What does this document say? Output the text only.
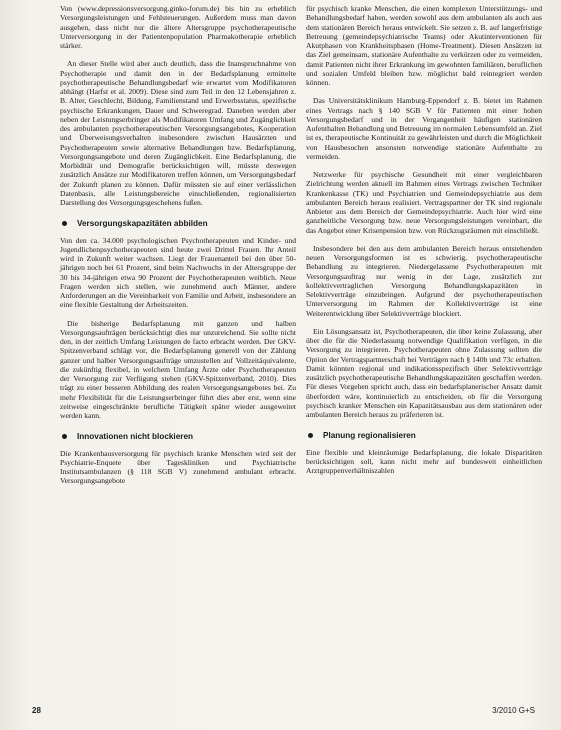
Von (www.depressionsversorgung.ginko-forum.de) bis hin zu erheblich Versorgungsleistungen und Fehlsteuerungen. Außerdem muss man davon ausgehen, dass nicht nur die ältere Altersgruppe psychotherapeutische Unterversorgung in der Patientenpopulation Pharmakotherapie erheblich stärker.

An dieser Stelle wird aber auch deutlich, dass die Inanspruchnahme von Psychotherapie und damit den in der Bedarfsplanung ermittelte psychotherapeutische Behandlungsbedarf wie erwartet vom Modifikatoren abhängt (Harfst et al. 2009). Diese sind zum Teil in den 12 Lebensjahren z. B. Alter, Geschlecht, Bildung, Familienstand und Erwerbsstatus, spezifische psychische Erkrankungen, Dauer und Schweregrad. Daneben werden aber neben der Leistungserbringer als Modifikatoren Umfang und Zugänglichkeit des ambulanten psychotherapeutischen Versorgungsangebotes, Kooperation und Überweisungsverhalten insbesondere zwischen Hausärzten und Psychotherapeuten sowie alternative Behandlungen bzw. Bedarfsplanung, Versorgungsangebote und deren Zugänglichkeit. Eine Bedarfsplanung, die Morbidität und Demografie berücksichtigen will, müsste deswegen zusätzlich Ansätze zur Modifikatoren treffen können, um Versorgungsbedarf der Zukunft planen zu können. Dafür müssten sie auf einer verlässlichen Datenbasis, alle Leistungsbereiche einschließenden, regionalisierten Darstellung des Versorgungsgeschehens fußen.

Versorgungskapazitäten abbilden

Von den ca. 34.000 psychologischen Psychotherapeuten und Kinder- und Jugendlichenpsychotherapeuten sind heute zwei Drittel Frauen. Ihr Anteil wird in Zukunft weiter wachsen. Liegt der Frauenanteil bei den über 50-jährigen noch bei 61 Prozent, sind beim Nachwuchs in der Altersgruppe der 30 bis 34-jährigen etwa 90 Prozent der Psychotherapeuten weiblich. Neue Fragen werden sich stellen, wie zunehmend auch Männer, andere Anforderungen an die Vereinbarkeit von Familie und Arbeit, insbesondere an eine flexible Gestaltung der Arbeitszeiten.

Die bisherige Bedarfsplanung mit ganzen und halben Versorgungsaufträgen berücksichtigt dies nur unzureichend. Sie sollte nicht den, in der zeitlich Umfang Leistungen de facto erbracht werden. Der GKV-Spitzenverband schlägt vor, die Bedarfsplanung generell von der Zählung ganzer und halber Versorgungsaufträge umzustellen auf Vollzeitäquivalente, die zukünftig flexibel, in welchem Umfang Ärzte oder Psychotherapeuten der Versorgung zur Verfügung stehen (GKV-Spitzenverband, 2010). Dies trägt zu einer besseren Abbildung des realen Versorgungsangebotes bei. Zu mehr Flexibilität für die Leistungserbringer führt dies aber erst, wenn eine zeitweise eingeschränkte berufliche Tätigkeit später wieder ausgeweitet werden kann.

Innovationen nicht blockieren

Die Krankenhausversorgung für psychisch kranke Menschen wird seit der Psychiatrie-Enquete über Tageskliniken und Psychiatrische Institutsambulanzen (§ 118 SGB V) zunehmend ambulant erbracht. Versorgungsangebote

für psychisch kranke Menschen, die einen komplexen Unterstützungs- und Behandlungsbedarf haben, werden sowohl aus dem ambulanten als auch aus dem stationären Bereich heraus entwickelt. Sie setzen z. B. auf langerfristige Betreuung (gemeindepsychiatrische Teams) oder Akutinterventionen für Akutphasen von Krankheitsphasen (Home-Treatment). Diesen Ansätzen ist das Ziel gemeinsam, stationäre Aufenthalte zu verkürzen oder zu vermeiden, damit Patienten nicht ihrer Erkrankung im gewohnten familiären, beruflichen und sozialen Umfeld bleiben bzw. möglichst bald reintegriert werden können.

Das Universitätsklinikum Hamburg-Eppendorf z. B. bietet im Rahmen eines Vertrags nach § 140 SGB V für Patienten mit einer hohen Versorgungsbedarf und in der Vergangenheit häufigen stationären Aufenthalten Behandlung und Betreuung im normalen Lebensumfeld an. Ziel ist es, therapeutische Kontinuität zu gewährleisten und durch die Möglichkeit von Hausbesuchen ansonsten notwendige stationäre Aufenthalte zu vermeiden.

Netzwerke für psychische Gesundheit mit einer vergleichbaren Zielrichtung werden aktuell im Rahmen eines Vertrags zwischen Techniker Krankenkasse (TK) und Psychiatrien und Gemeindepsychiatrie aus dem ambulanten Bereich heraus realisiert. Vertragspartner der TK sind regionale Anbieter aus dem Bereich der Gemeindepsychiatrie. Auch hier wird eine ganzheitliche Versorgung bzw. neue Versorgungsleistungen vereinbart, die das Angebot einer Krisenpension bzw. von Rückzugsräumen mit einschließt.

Insbesondere bei den aus dem ambulanten Bereich heraus entstehenden neuen Versorgungsformen ist es schwierig, psychotherapeutische Behandlung zu integrieren. Niedergelassene Psychotherapeuten mit Versorgungsauftrag nur wenig in der Lage, zusätzlich zur kollektivvertraglichen Versorgung Behandlungskapazitäten in Selektivverträge einzubringen. Aufgrund der psychotherapeutischen Unterversorgung im Rahmen der Kollektivverträge ist eine Weiterentwicklung über Selektivverträge blockiert.

Ein Lösungsansatz ist, Psychotherapeuten, die über keine Zulassung, aber über die für die Niederlassung notwendige Qualifikation verfügen, in die Versorgung zu integrieren. Psychotherapeuten ohne Zulassung sollten die Option der Vertragspartnerschaft bei Verträgen nach § 140b und 73c erhalten. Damit könnten regional und indikationsspezifisch über Selektivverträge zusätzlich psychotherapeutische Behandlungskapazitäten geschaffen werden. Für dieses Vorgehen spricht auch, dass ein bedarfsplanerischer Ansatz damit überfordert wäre, kontinuierlich zu entscheiden, ob für die Versorgung psychisch kranker Menschen ein Kapazitätsausbau aus dem stationären oder ambulanten Bereich heraus zu präferieren ist.

Planung regionalisieren

Eine flexible und kleinräumige Bedarfsplanung, die lokale Disparitäten berücksichtigen soll, kann nicht mehr auf bundesweit einheitlichen Arztgruppenverhältniszahlen

28	3/2010 G+S
